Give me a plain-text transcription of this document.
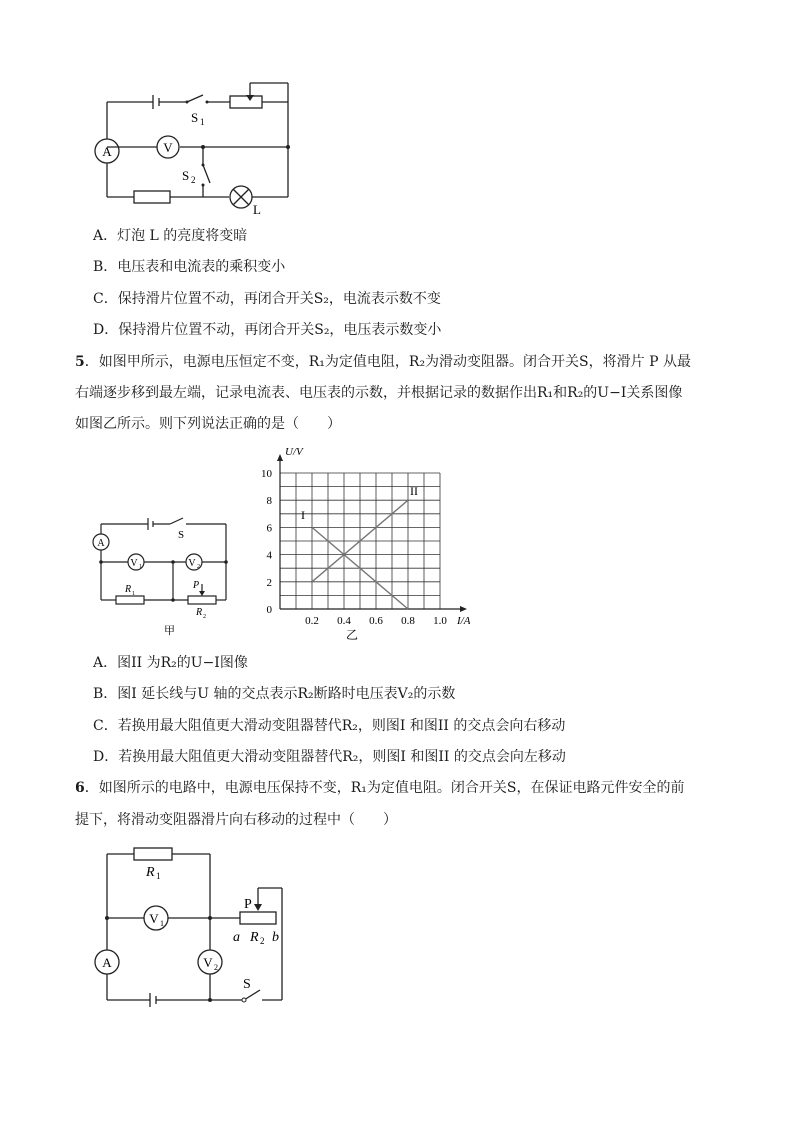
A	V
S 1
S 2
L
A．灯泡 L 的亮度将变暗
B．电压表和电流表的乘积变小
C．保持滑片位置不动，再闭合开关S₂，电流表示数不变
D．保持滑片位置不动，再闭合开关S₂，电压表示数变小
5．如图甲所示，电源电压恒定不变，R₁为定值电阻，R₂为滑动变阻器。闭合开关S，将滑片 P 从最
右端逐步移到最左端，记录电流表、电压表的示数，并根据记录的数据作出R₁和R₂的U−I关系图像
如图乙所示。则下列说法正确的是（　　）
A
V 1	V 2
S
R 1
P
R 2
甲
I
II
0.2 0.4 0.6 0.8 1.0
0
2
4
6
8
10
I/A
U/V
乙
A．图II 为R₂的U−I图像
B．图I 延长线与U 轴的交点表示R₂断路时电压表V₂的示数
C．若换用最大阻值更大滑动变阻器替代R₂，则图I 和图II 的交点会向右移动
D．若换用最大阻值更大滑动变阻器替代R₂，则图I 和图II 的交点会向左移动
6．如图所示的电路中，电源电压保持不变，R₁为定值电阻。闭合开关S，在保证电路元件安全的前
提下，将滑动变阻器滑片向右移动的过程中（　　）
R 1
V 1
V 2
A
P
a R 2 b
S
